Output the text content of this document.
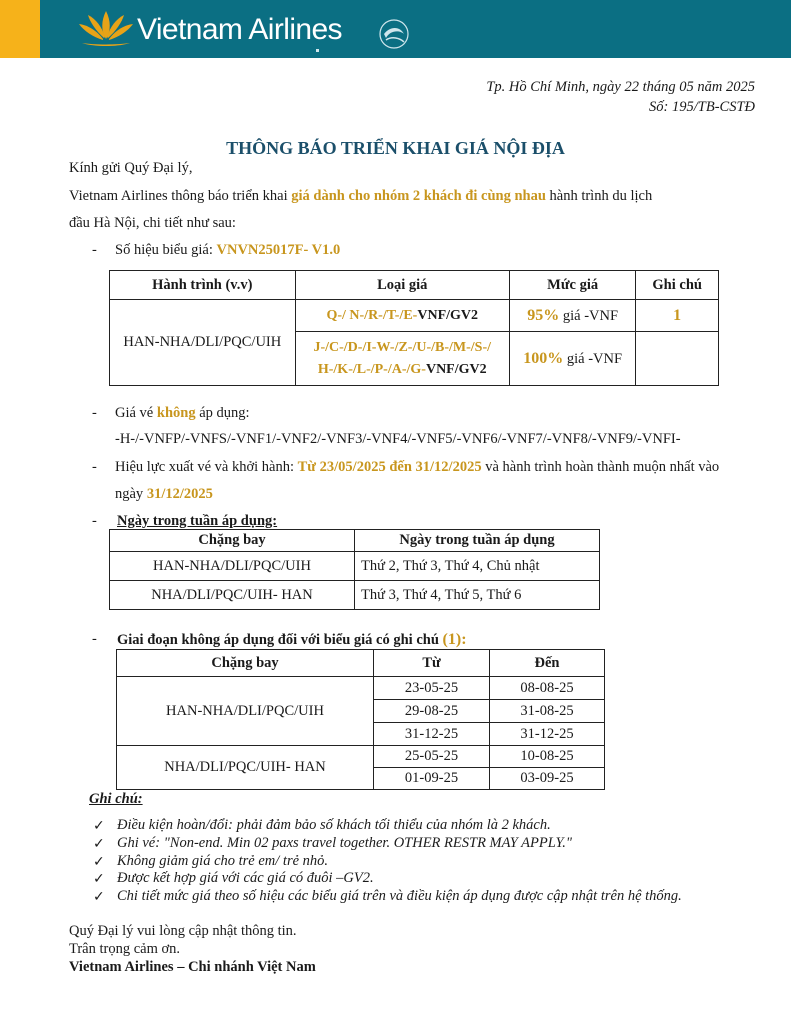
Vietnam Airlines
Tp. Hồ Chí Minh, ngày 22 tháng 05 năm 2025
Số: 195/TB-CSTĐ
THÔNG BÁO TRIỂN KHAI GIÁ NỘI ĐỊA
Kính gửi Quý Đại lý,
Vietnam Airlines thông báo triển khai giá dành cho nhóm 2 khách đi cùng nhau hành trình du lịch
đầu Hà Nội, chi tiết như sau:
- Số hiệu biểu giá: VNVN25017F- V1.0
Hành trình (v.v)	Loại giá	Mức giá	Ghi chú
HAN-NHA/DLI/PQC/UIH	Q-/ N-/R-/T-/E-VNF/GV2	95% giá -VNF	1
	J-/C-/D-/I-W-/Z-/U-/B-/M-/S-/
H-/K-/L-/P-/A-/G-VNF/GV2	100% giá -VNF	
- Giá vé không áp dụng:
-H-/-VNFP/-VNFS/-VNF1/-VNF2/-VNF3/-VNF4/-VNF5/-VNF6/-VNF7/-VNF8/-VNF9/-VNFI-
- Hiệu lực xuất vé và khởi hành: Từ 23/05/2025 đến 31/12/2025 và hành trình hoàn thành muộn nhất vào
ngày 31/12/2025
- Ngày trong tuần áp dụng:
Chặng bay	Ngày trong tuần áp dụng
HAN-NHA/DLI/PQC/UIH	Thứ 2, Thứ 3, Thứ 4, Chủ nhật
NHA/DLI/PQC/UIH- HAN	Thứ 3, Thứ 4, Thứ 5, Thứ 6
- Giai đoạn không áp dụng đối với biểu giá có ghi chú (1):
Chặng bay	Từ	Đến
HAN-NHA/DLI/PQC/UIH	23-05-25	08-08-25
	29-08-25	31-08-25
	31-12-25	31-12-25
NHA/DLI/PQC/UIH- HAN	25-05-25	10-08-25
	01-09-25	03-09-25
Ghi chú:
✓ Điều kiện hoàn/đổi: phải đảm bảo số khách tối thiểu của nhóm là 2 khách.
✓ Ghi vé: "Non-end. Min 02 paxs travel together. OTHER RESTR MAY APPLY."
✓ Không giảm giá cho trẻ em/ trẻ nhỏ.
✓ Được kết hợp giá với các giá có đuôi –GV2.
✓ Chi tiết mức giá theo số hiệu các biểu giá trên và điều kiện áp dụng được cập nhật trên hệ thống.
Quý Đại lý vui lòng cập nhật thông tin.
Trân trọng cảm ơn.
Vietnam Airlines – Chi nhánh Việt Nam
